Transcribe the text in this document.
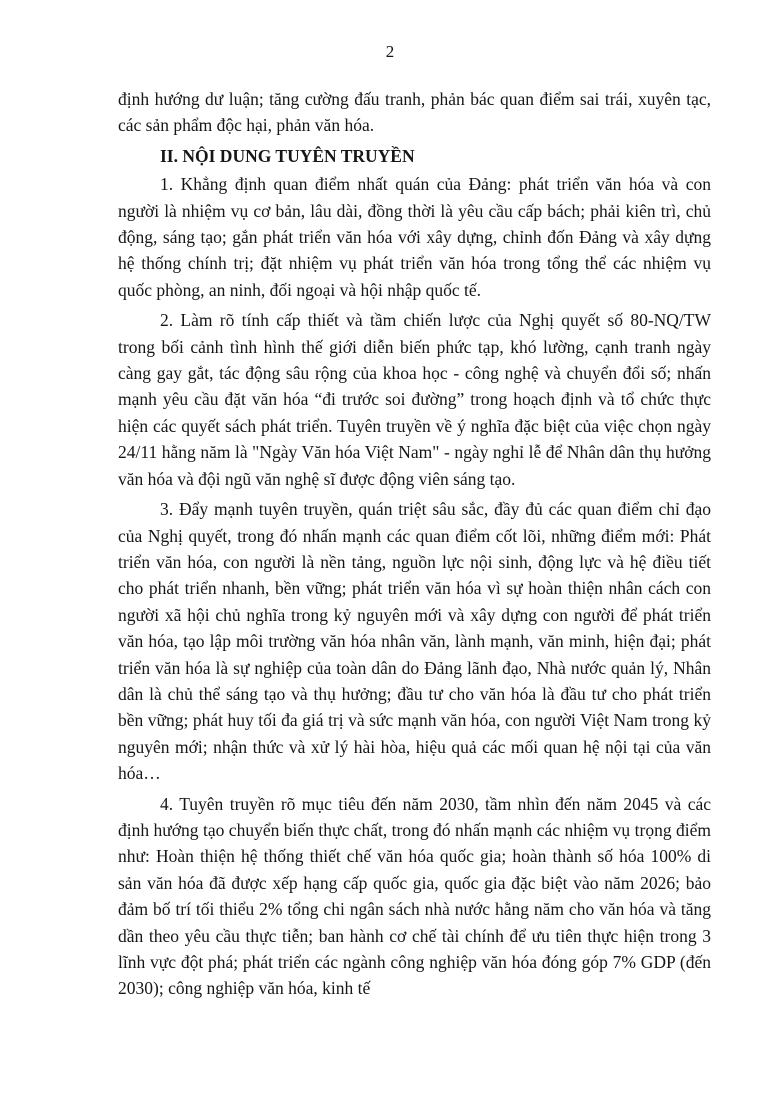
2

định hướng dư luận; tăng cường đấu tranh, phản bác quan điểm sai trái, xuyên tạc, các sản phẩm độc hại, phản văn hóa.

II. NỘI DUNG TUYÊN TRUYỀN

1. Khẳng định quan điểm nhất quán của Đảng: phát triển văn hóa và con người là nhiệm vụ cơ bản, lâu dài, đồng thời là yêu cầu cấp bách; phải kiên trì, chủ động, sáng tạo; gắn phát triển văn hóa với xây dựng, chỉnh đốn Đảng và xây dựng hệ thống chính trị; đặt nhiệm vụ phát triển văn hóa trong tổng thể các nhiệm vụ quốc phòng, an ninh, đối ngoại và hội nhập quốc tế.

2. Làm rõ tính cấp thiết và tầm chiến lược của Nghị quyết số 80-NQ/TW trong bối cảnh tình hình thế giới diễn biến phức tạp, khó lường, cạnh tranh ngày càng gay gắt, tác động sâu rộng của khoa học - công nghệ và chuyển đổi số; nhấn mạnh yêu cầu đặt văn hóa “đi trước soi đường” trong hoạch định và tổ chức thực hiện các quyết sách phát triển. Tuyên truyền về ý nghĩa đặc biệt của việc chọn ngày 24/11 hằng năm là "Ngày Văn hóa Việt Nam" - ngày nghỉ lễ để Nhân dân thụ hưởng văn hóa và đội ngũ văn nghệ sĩ được động viên sáng tạo.

3. Đẩy mạnh tuyên truyền, quán triệt sâu sắc, đầy đủ các quan điểm chỉ đạo của Nghị quyết, trong đó nhấn mạnh các quan điểm cốt lõi, những điểm mới: Phát triển văn hóa, con người là nền tảng, nguồn lực nội sinh, động lực và hệ điều tiết cho phát triển nhanh, bền vững; phát triển văn hóa vì sự hoàn thiện nhân cách con người xã hội chủ nghĩa trong kỷ nguyên mới và xây dựng con người để phát triển văn hóa, tạo lập môi trường văn hóa nhân văn, lành mạnh, văn minh, hiện đại; phát triển văn hóa là sự nghiệp của toàn dân do Đảng lãnh đạo, Nhà nước quản lý, Nhân dân là chủ thể sáng tạo và thụ hưởng; đầu tư cho văn hóa là đầu tư cho phát triển bền vững; phát huy tối đa giá trị và sức mạnh văn hóa, con người Việt Nam trong kỷ nguyên mới; nhận thức và xử lý hài hòa, hiệu quả các mối quan hệ nội tại của văn hóa…

4. Tuyên truyền rõ mục tiêu đến năm 2030, tầm nhìn đến năm 2045 và các định hướng tạo chuyển biến thực chất, trong đó nhấn mạnh các nhiệm vụ trọng điểm như: Hoàn thiện hệ thống thiết chế văn hóa quốc gia; hoàn thành số hóa 100% di sản văn hóa đã được xếp hạng cấp quốc gia, quốc gia đặc biệt vào năm 2026; bảo đảm bố trí tối thiểu 2% tổng chi ngân sách nhà nước hằng năm cho văn hóa và tăng dần theo yêu cầu thực tiễn; ban hành cơ chế tài chính để ưu tiên thực hiện trong 3 lĩnh vực đột phá; phát triển các ngành công nghiệp văn hóa đóng góp 7% GDP (đến 2030); công nghiệp văn hóa, kinh tế
